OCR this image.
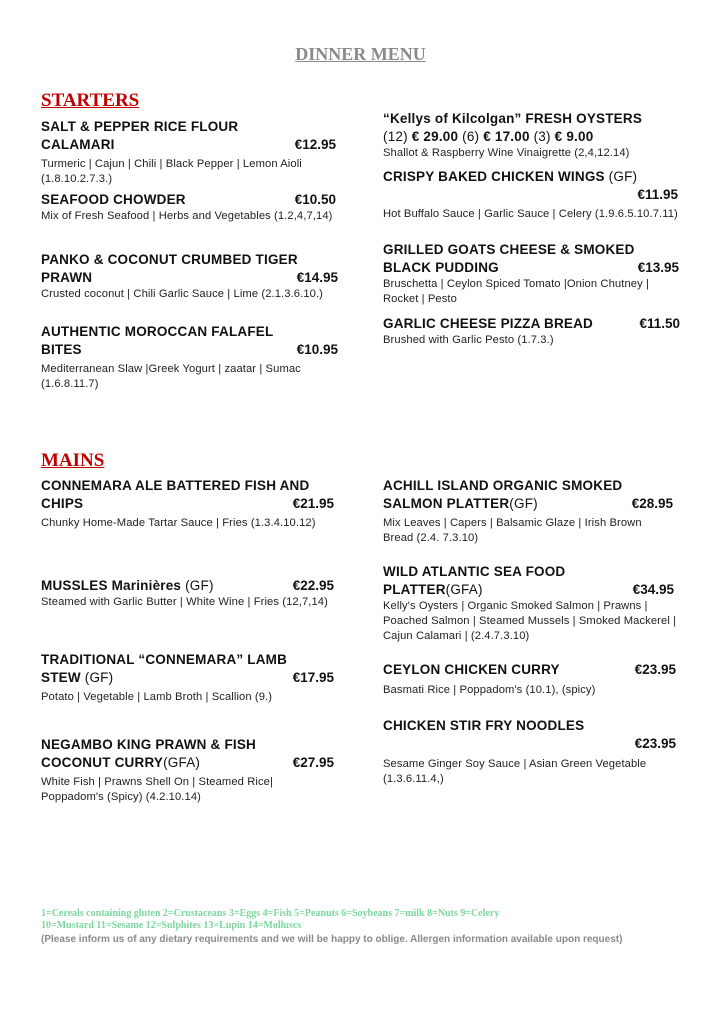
DINNER MENU
STARTERS
SALT & PEPPER RICE FLOUR
CALAMARI	€12.95
Turmeric | Cajun | Chili | Black Pepper | Lemon Aioli (1.8.10.2.7.3.)
SEAFOOD CHOWDER	€10.50
Mix of Fresh Seafood | Herbs and Vegetables (1.2,4,7,14)
PANKO & COCONUT CRUMBED TIGER
PRAWN	€14.95
Crusted coconut | Chili Garlic Sauce | Lime (2.1.3.6.10.)
AUTHENTIC MOROCCAN FALAFEL
BITES	€10.95
Mediterranean Slaw |Greek Yogurt | zaatar | Sumac (1.6.8.11.7)
“Kellys of Kilcolgan” FRESH OYSTERS
(12) € 29.00 (6) € 17.00 (3) € 9.00
Shallot & Raspberry Wine Vinaigrette (2,4,12.14)
CRISPY BAKED CHICKEN WINGS (GF)
€11.95
Hot Buffalo Sauce | Garlic Sauce | Celery (1.9.6.5.10.7.11)
GRILLED GOATS CHEESE & SMOKED
BLACK PUDDING	€13.95
Bruschetta | Ceylon Spiced Tomato |Onion Chutney | Rocket | Pesto
GARLIC CHEESE PIZZA BREAD	€11.50
Brushed with Garlic Pesto (1.7.3.)
MAINS
CONNEMARA ALE BATTERED FISH AND
CHIPS	€21.95
Chunky Home-Made Tartar Sauce | Fries (1.3.4.10.12)
MUSSLES Marinières (GF)	€22.95
Steamed with Garlic Butter | White Wine | Fries (12,7,14)
TRADITIONAL “CONNEMARA” LAMB
STEW (GF)	€17.95
Potato | Vegetable | Lamb Broth | Scallion (9.)
NEGAMBO KING PRAWN & FISH
COCONUT CURRY(GFA)	€27.95
White Fish | Prawns Shell On | Steamed Rice| Poppadom's (Spicy) (4.2.10.14)
ACHILL ISLAND ORGANIC SMOKED
SALMON PLATTER(GF)	€28.95
Mix Leaves | Capers | Balsamic Glaze | Irish Brown Bread (2.4. 7.3.10)
WILD ATLANTIC SEA FOOD
PLATTER(GFA)	€34.95
Kelly's Oysters | Organic Smoked Salmon | Prawns | Poached Salmon | Steamed Mussels | Smoked Mackerel | Cajun Calamari | (2.4.7.3.10)
CEYLON CHICKEN CURRY	€23.95
Basmati Rice | Poppadom's (10.1), (spicy)
CHICKEN STIR FRY NOODLES
€23.95
Sesame Ginger Soy Sauce | Asian Green Vegetable (1.3.6.11.4,)
1=Cereals containing gluten 2=Crustaceans 3=Eggs 4=Fish 5=Peanuts 6=Soybeans 7=milk 8=Nuts 9=Celery
10=Mustard 11=Sesame 12=Sulphites 13=Lupin 14=Molluscs
(Please inform us of any dietary requirements and we will be happy to oblige. Allergen information available upon request)
